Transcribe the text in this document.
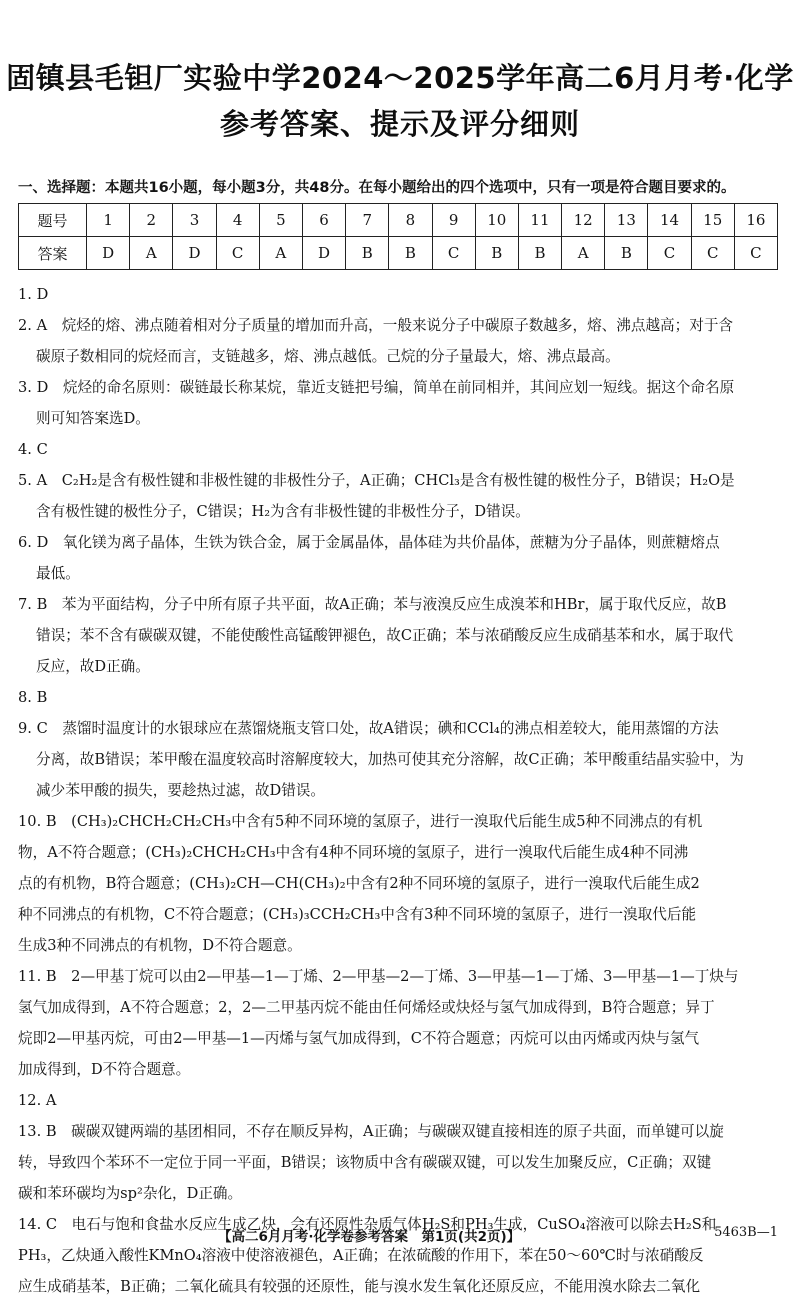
固镇县毛钽厂实验中学2024～2025学年高二6月月考·化学
参考答案、提示及评分细则
一、选择题：本题共16小题，每小题3分，共48分。在每小题给出的四个选项中，只有一项是符合题目要求的。
题号	1	2	3	4	5	6	7	8	9	10	11	12	13	14	15	16
答案	D	A	D	C	A	D	B	B	C	B	B	A	B	C	C	C
1. D
2. A　烷烃的熔、沸点随着相对分子质量的增加而升高，一般来说分子中碳原子数越多，熔、沸点越高；对于含
碳原子数相同的烷烃而言，支链越多，熔、沸点越低。己烷的分子量最大，熔、沸点最高。
3. D　烷烃的命名原则：碳链最长称某烷，靠近支链把号编，简单在前同相并，其间应划一短线。据这个命名原
则可知答案选D。
4. C
5. A　C₂H₂是含有极性键和非极性键的非极性分子，A正确；CHCl₃是含有极性键的极性分子，B错误；H₂O是
含有极性键的极性分子，C错误；H₂为含有非极性键的非极性分子，D错误。
6. D　氧化镁为离子晶体，生铁为铁合金，属于金属晶体，晶体硅为共价晶体，蔗糖为分子晶体，则蔗糖熔点
最低。
7. B　苯为平面结构，分子中所有原子共平面，故A正确；苯与液溴反应生成溴苯和HBr，属于取代反应，故B
错误；苯不含有碳碳双键，不能使酸性高锰酸钾褪色，故C正确；苯与浓硝酸反应生成硝基苯和水，属于取代
反应，故D正确。
8. B
9. C　蒸馏时温度计的水银球应在蒸馏烧瓶支管口处，故A错误；碘和CCl₄的沸点相差较大，能用蒸馏的方法
分离，故B错误；苯甲酸在温度较高时溶解度较大，加热可使其充分溶解，故C正确；苯甲酸重结晶实验中，为
减少苯甲酸的损失，要趁热过滤，故D错误。
10. B　(CH₃)₂CHCH₂CH₂CH₃中含有5种不同环境的氢原子，进行一溴取代后能生成5种不同沸点的有机
物，A不符合题意；(CH₃)₂CHCH₂CH₃中含有4种不同环境的氢原子，进行一溴取代后能生成4种不同沸
点的有机物，B符合题意；(CH₃)₂CH—CH(CH₃)₂中含有2种不同环境的氢原子，进行一溴取代后能生成2
种不同沸点的有机物，C不符合题意；(CH₃)₃CCH₂CH₃中含有3种不同环境的氢原子，进行一溴取代后能
生成3种不同沸点的有机物，D不符合题意。
11. B　2—甲基丁烷可以由2—甲基—1—丁烯、2—甲基—2—丁烯、3—甲基—1—丁烯、3—甲基—1—丁炔与
氢气加成得到，A不符合题意；2，2—二甲基丙烷不能由任何烯烃或炔烃与氢气加成得到，B符合题意；异丁
烷即2—甲基丙烷，可由2—甲基—1—丙烯与氢气加成得到，C不符合题意；丙烷可以由丙烯或丙炔与氢气
加成得到，D不符合题意。
12. A
13. B　碳碳双键两端的基团相同，不存在顺反异构，A正确；与碳碳双键直接相连的原子共面，而单键可以旋
转，导致四个苯环不一定位于同一平面，B错误；该物质中含有碳碳双键，可以发生加聚反应，C正确；双键
碳和苯环碳均为sp²杂化，D正确。
14. C　电石与饱和食盐水反应生成乙炔，会有还原性杂质气体H₂S和PH₃生成，CuSO₄溶液可以除去H₂S和
PH₃，乙炔通入酸性KMnO₄溶液中使溶液褪色，A正确；在浓硫酸的作用下，苯在50～60℃时与浓硝酸反
应生成硝基苯，B正确；二氧化硫具有较强的还原性，能与溴水发生氧化还原反应，不能用溴水除去二氧化
【高二6月月考·化学卷参考答案　第1页(共2页)】	5463B—1
